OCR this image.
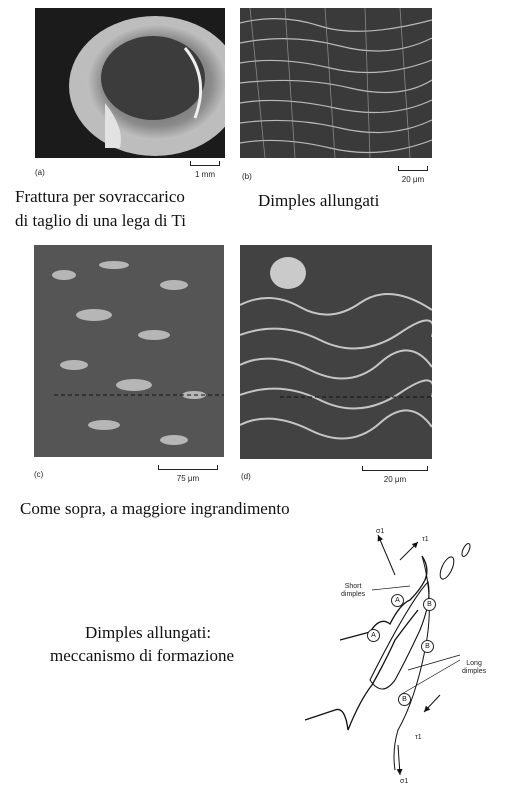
(a)	1 mm	(b)	20 μm
Frattura per sovraccarico
di taglio di una lega di Ti
Dimples allungati
(c)	75 μm	(d)	20 μm
Come sopra, a maggiore ingrandimento
Dimples allungati:
meccanismo di formazione
σ1
τ1
Short
dimples
Long
dimples
A
A
B
B
B
τ1
σ1
